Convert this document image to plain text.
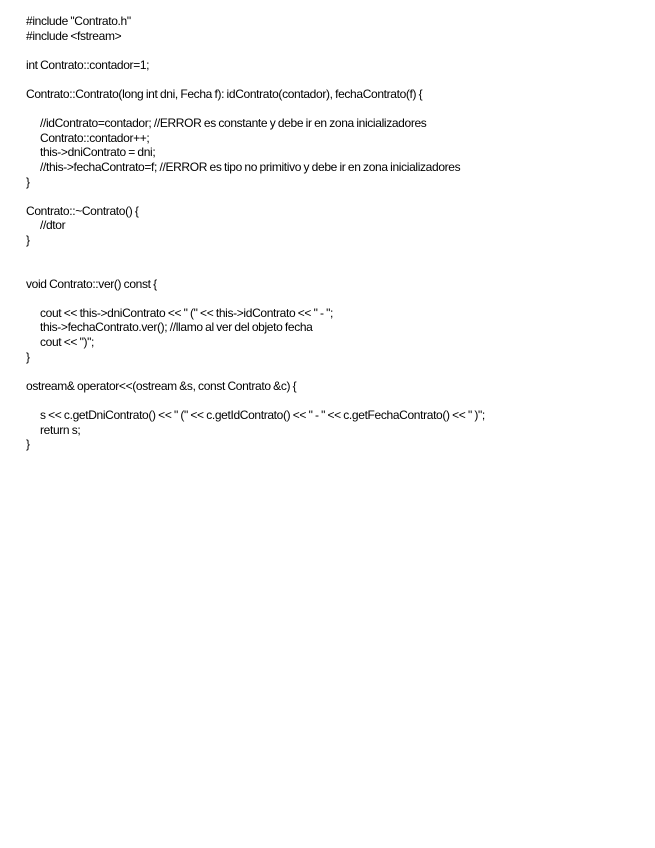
#include "Contrato.h"
#include <fstream>
int Contrato::contador=1;
Contrato::Contrato(long int dni, Fecha f): idContrato(contador), fechaContrato(f) {
//idContrato=contador; //ERROR es constante y debe ir en zona inicializadores
Contrato::contador++;
this->dniContrato = dni;
//this->fechaContrato=f; //ERROR es tipo no primitivo y debe ir en zona inicializadores
}
Contrato::~Contrato() {
//dtor
}
void Contrato::ver() const {
cout << this->dniContrato << " (" << this->idContrato << " - ";
this->fechaContrato.ver(); //llamo al ver del objeto fecha
cout << ")";
}
ostream& operator<<(ostream &s, const Contrato &c) {
s << c.getDniContrato() << " (" << c.getIdContrato() << " - " << c.getFechaContrato() << " )";
return s;
}
